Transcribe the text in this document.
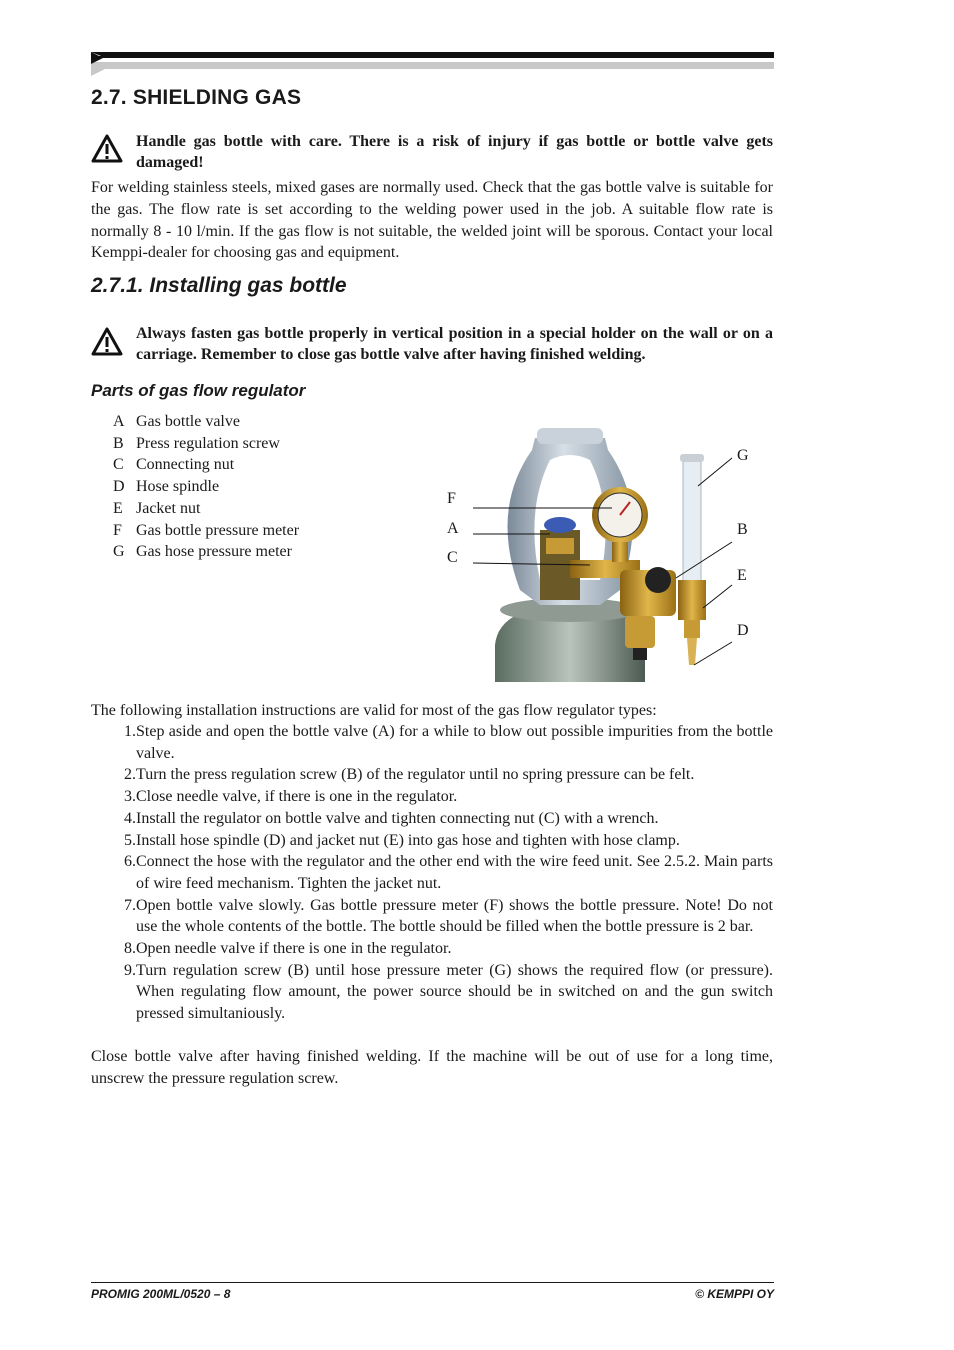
2.7. SHIELDING GAS

Handle gas bottle with care. There is a risk of injury if gas bottle or bottle valve gets damaged!

For welding stainless steels, mixed gases are normally used. Check that the gas bottle valve is suitable for the gas. The flow rate is set according to the welding power used in the job. A suitable flow rate is normally 8 - 10 l/min. If the gas flow is not suitable, the welded joint will be sporous. Contact your local Kemppi-dealer for choosing gas and equipment.

2.7.1. Installing gas bottle

Always fasten gas bottle properly in vertical position in a special holder on the wall or on a carriage. Remember to close gas bottle valve after having finished welding.

Parts of gas flow regulator
A Gas bottle valve
B Press regulation screw
C Connecting nut
D Hose spindle
E Jacket nut
F Gas bottle pressure meter
G Gas hose pressure meter
F
A
C
G
B
E
D

The following installation instructions are valid for most of the gas flow regulator types:

1. Step aside and open the bottle valve (A) for a while to blow out possible impurities from the bottle valve.
2. Turn the press regulation screw (B) of the regulator until no spring pressure can be felt.
3. Close needle valve, if there is one in the regulator.
4. Install the regulator on bottle valve and tighten connecting nut (C) with a wrench.
5. Install hose spindle (D) and jacket nut (E) into gas hose and tighten with hose clamp.
6. Connect the hose with the regulator and the other end with the wire feed unit. See 2.5.2. Main parts of wire feed mechanism. Tighten the jacket nut.
7. Open bottle valve slowly. Gas bottle pressure meter (F) shows the bottle pressure. Note! Do not use the whole contents of the bottle. The bottle should be filled when the bottle pressure is 2 bar.
8. Open needle valve if there is one in the regulator.
9. Turn regulation screw (B) until hose pressure meter (G) shows the required flow (or pressure). When regulating flow amount, the power source should be in switched on and the gun switch pressed simultaniously.

Close bottle valve after having finished welding. If the machine will be out of use for a long time, unscrew the pressure regulation screw.

PROMIG 200ML/0520 – 8	© KEMPPI OY
